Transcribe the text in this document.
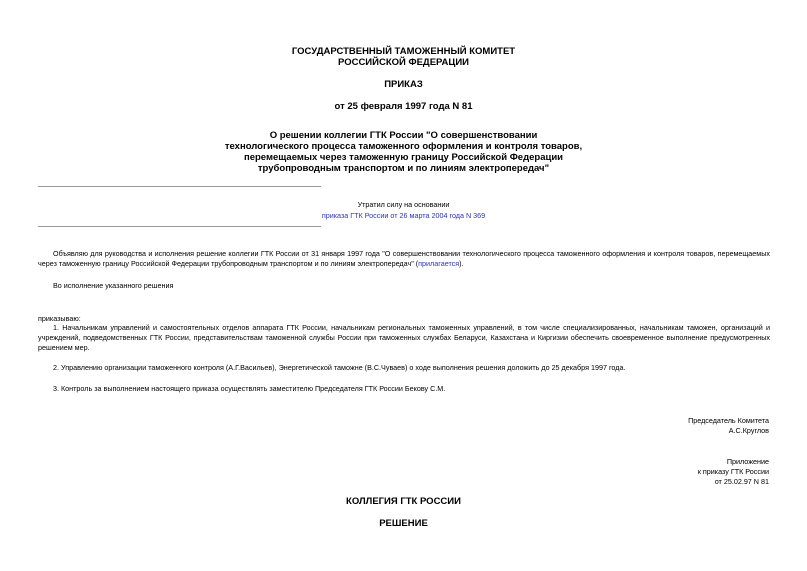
ГОСУДАРСТВЕННЫЙ ТАМОЖЕННЫЙ КОМИТЕТ
РОССИЙСКОЙ ФЕДЕРАЦИИ
ПРИКАЗ
от 25 февраля 1997 года N 81
О решении коллегии ГТК России "О совершенствовании
технологического процесса таможенного оформления и контроля товаров,
перемещаемых через таможенную границу Российской Федерации
трубопроводным транспортом и по линиям электропередач"
Утратил силу на основании
приказа ГТК России от 26 марта 2004 года N 369
Объявляю для руководства и исполнения решение коллегии ГТК России от 31 января 1997 года "О совершенствовании технологического процесса таможенного оформления и контроля товаров, перемещаемых через таможенную границу Российской Федерации трубопроводным транспортом и по линиям электропередач" (прилагается).
Во исполнение указанного решения
приказываю:
1. Начальникам управлений и самостоятельных отделов аппарата ГТК России, начальникам региональных таможенных управлений, в том числе специализированных, начальникам таможен, организаций и учреждений, подведомственных ГТК России, представительствам таможенной службы России при таможенных службах Беларуси, Казахстана и Киргизии обеспечить своевременное выполнение предусмотренных решением мер.
2. Управлению организации таможенного контроля (А.Г.Васильев), Энергетической таможне (В.С.Чуваев) о ходе выполнения решения доложить до 25 декабря 1997 года.
3. Контроль за выполнением настоящего приказа осуществлять заместителю Председателя ГТК России Бекову С.М.
Председатель Комитета
А.С.Круглов
Приложение
к приказу ГТК России
от 25.02.97 N 81
КОЛЛЕГИЯ ГТК РОССИИ
РЕШЕНИЕ
